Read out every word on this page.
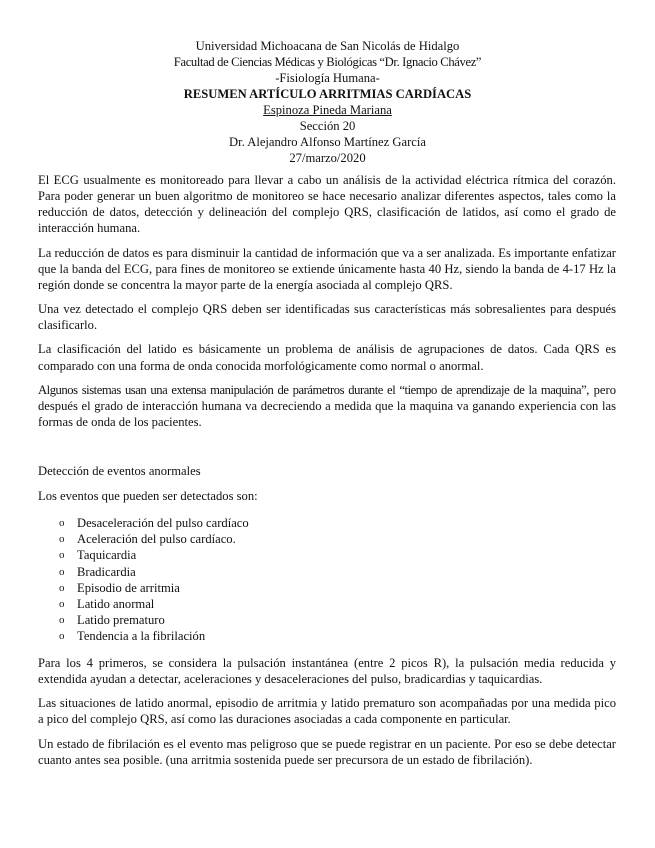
Universidad Michoacana de San Nicolás de Hidalgo
Facultad de Ciencias Médicas y Biológicas “Dr. Ignacio Chávez”
-Fisiología Humana-
RESUMEN ARTÍCULO ARRITMIAS CARDÍACAS
Espinoza Pineda Mariana
Sección 20
Dr. Alejandro Alfonso Martínez García
27/marzo/2020

El ECG usualmente es monitoreado para llevar a cabo un análisis de la actividad eléctrica rítmica del corazón. Para poder generar un buen algoritmo de monitoreo se hace necesario analizar diferentes aspectos, tales como la reducción de datos, detección y delineación del complejo QRS, clasificación de latidos, así como el grado de interacción humana.

La reducción de datos es para disminuir la cantidad de información que va a ser analizada. Es importante enfatizar que la banda del ECG, para fines de monitoreo se extiende únicamente hasta 40 Hz, siendo la banda de 4-17 Hz la región donde se concentra la mayor parte de la energía asociada al complejo QRS.

Una vez detectado el complejo QRS deben ser identificadas sus características más sobresalientes para después clasificarlo.

La clasificación del latido es básicamente un problema de análisis de agrupaciones de datos. Cada QRS es comparado con una forma de onda conocida morfológicamente como normal o anormal.

Algunos sistemas usan una extensa manipulación de parámetros durante el “tiempo de aprendizaje de la maquina”, pero después el grado de interacción humana va decreciendo a medida que la maquina va ganando experiencia con las formas de onda de los pacientes.

Detección de eventos anormales

Los eventos que pueden ser detectados son:

o Desaceleración del pulso cardíaco
o Aceleración del pulso cardíaco.
o Taquicardia
o Bradicardia
o Episodio de arritmia
o Latido anormal
o Latido prematuro
o Tendencia a la fibrilación

Para los 4 primeros, se considera la pulsación instantánea (entre 2 picos R), la pulsación media reducida y extendida ayudan a detectar, aceleraciones y desaceleraciones del pulso, bradicardias y taquicardias.

Las situaciones de latido anormal, episodio de arritmia y latido prematuro son acompañadas por una medida pico a pico del complejo QRS, así como las duraciones asociadas a cada componente en particular.

Un estado de fibrilación es el evento mas peligroso que se puede registrar en un paciente. Por eso se debe detectar cuanto antes sea posible. (una arritmia sostenida puede ser precursora de un estado de fibrilación).
